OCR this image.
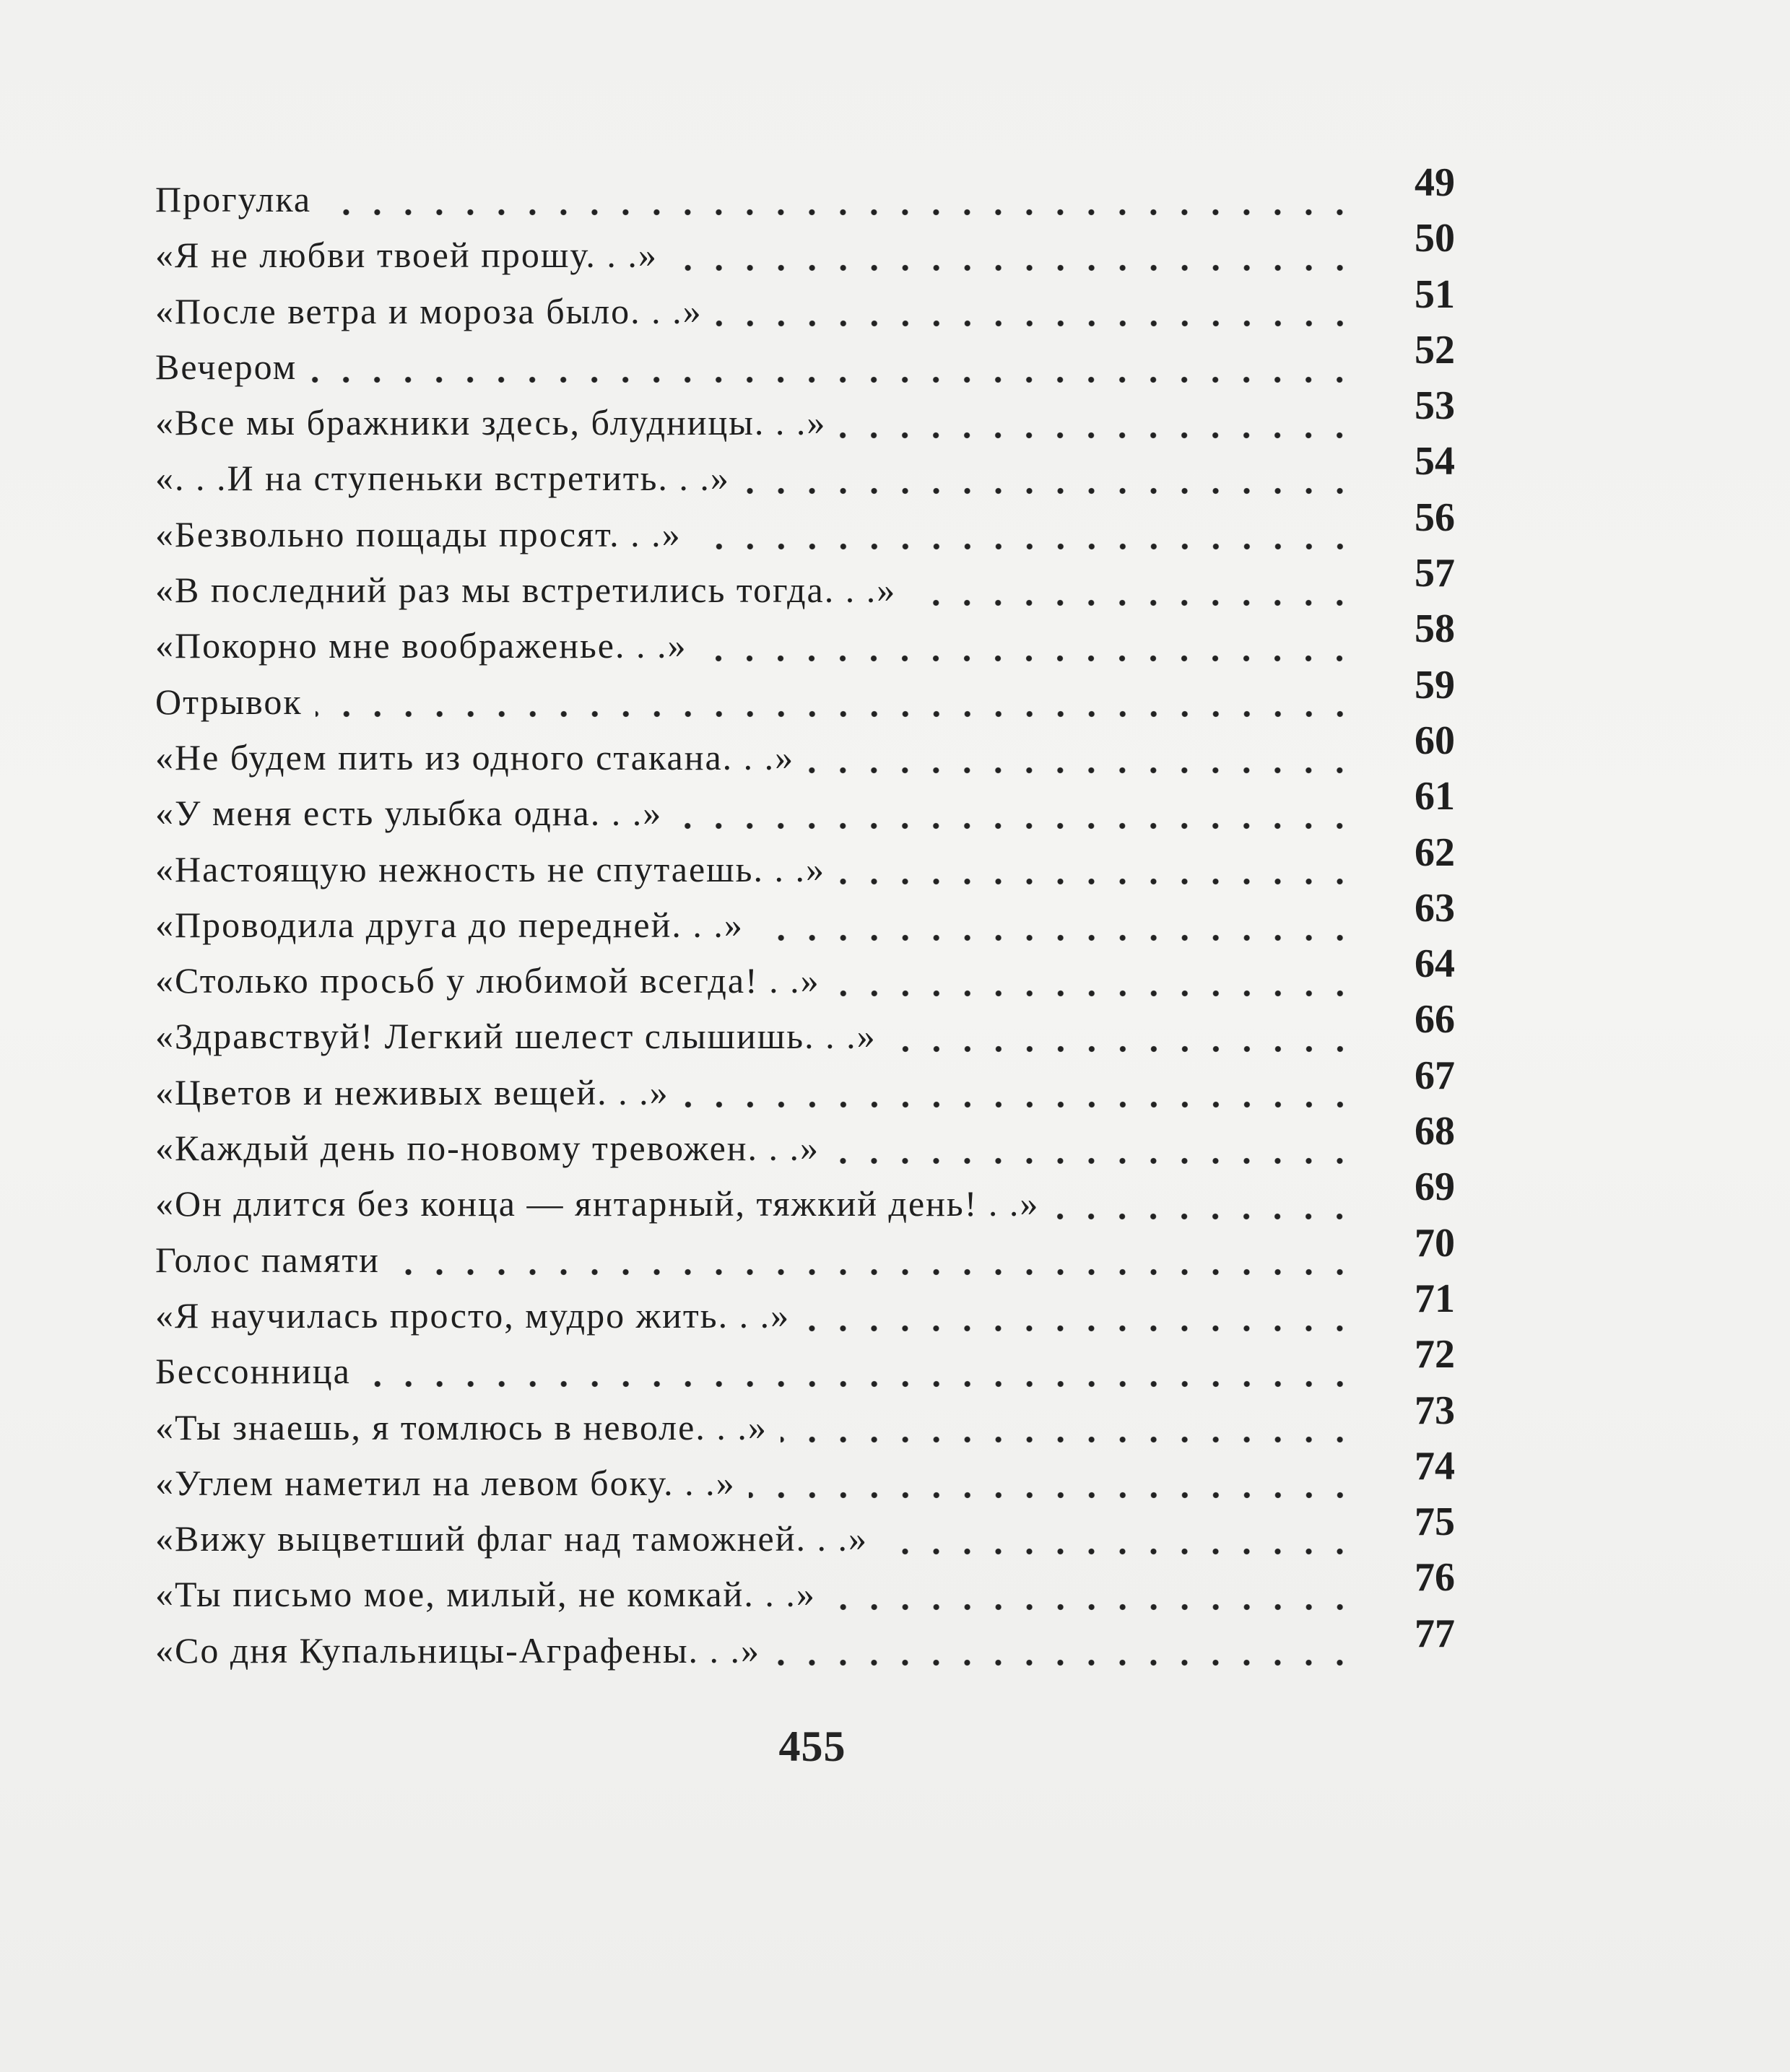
Прогулка	49
«Я не любви твоей прошу. . .»	50
«После ветра и мороза было. . .»	51
Вечером	52
«Все мы бражники здесь, блудницы. . .»	53
«. . .И на ступеньки встретить. . .»	54
«Безвольно пощады просят. . .»	56
«В последний раз мы встретились тогда. . .»	57
«Покорно мне воображенье. . .»	58
Отрывок	59
«Не будем пить из одного стакана. . .»	60
«У меня есть улыбка одна. . .»	61
«Настоящую нежность не спутаешь. . .»	62
«Проводила друга до передней. . .»	63
«Столько просьб у любимой всегда! . .»	64
«Здравствуй! Легкий шелест слышишь. . .»	66
«Цветов и неживых вещей. . .»	67
«Каждый день по-новому тревожен. . .»	68
«Он длится без конца — янтарный, тяжкий день! . .»	69
Голос памяти	70
«Я научилась просто, мудро жить. . .»	71
Бессонница	72
«Ты знаешь, я томлюсь в неволе. . .»	73
«Углем наметил на левом боку. . .»	74
«Вижу выцветший флаг над таможней. . .»	75
«Ты письмо мое, милый, не комкай. . .»	76
«Со дня Купальницы-Аграфены. . .»	77
455
